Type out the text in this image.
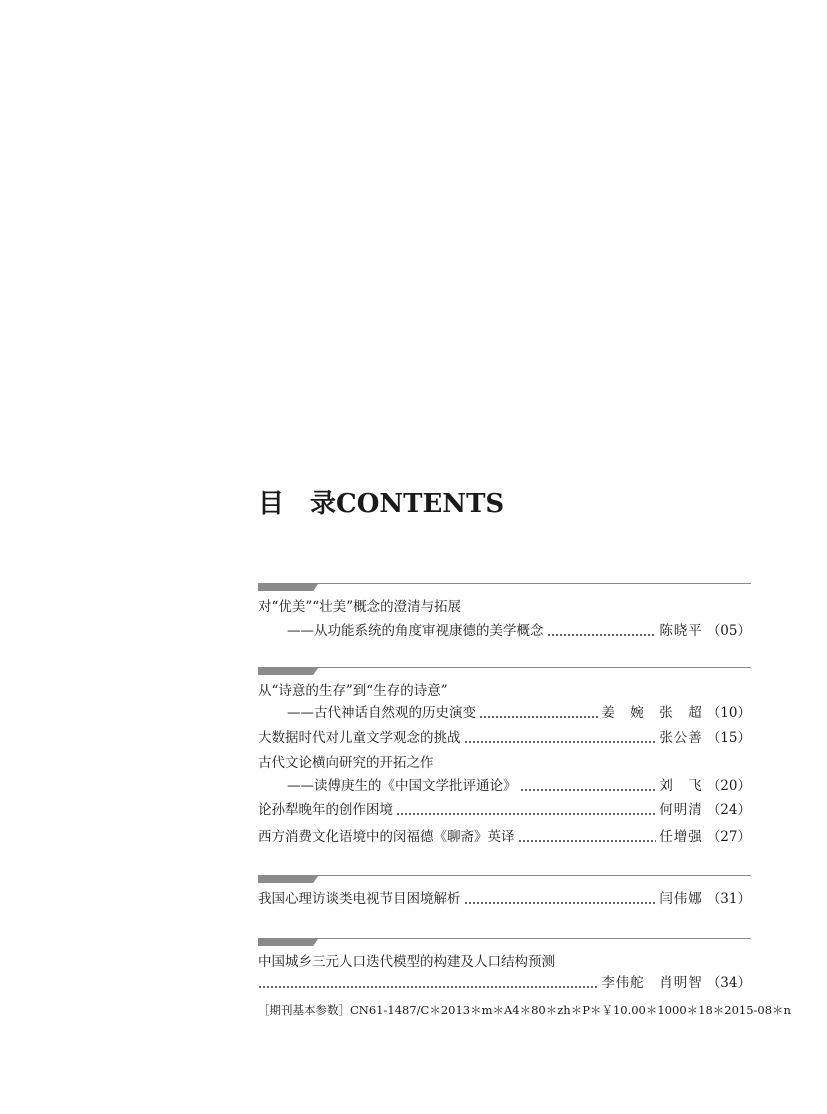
目 录CONTENTS
对“优美”“壮美”概念的澄清与拓展
——从功能系统的角度审视康德的美学概念	陈晓平 （05）
从“诗意的生存”到“生存的诗意”
——古代神话自然观的历史演变	姜　婉　张　超 （10）
大数据时代对儿童文学观念的挑战	张公善 （15）
古代文论横向研究的开拓之作
——读傅庚生的《中国文学批评通论》	刘　飞 （20）
论孙犁晚年的创作困境	何明清 （24）
西方消费文化语境中的闵福德《聊斋》英译	任增强 （27）
我国心理访谈类电视节目困境解析	闫伟娜 （31）
中国城乡三元人口迭代模型的构建及人口结构预测
李伟舵　肖明智 （34）
［期刊基本参数］CN61-1487/C＊2013＊m＊A4＊80＊zh＊P＊￥10.00＊1000＊18＊2015-08＊n
